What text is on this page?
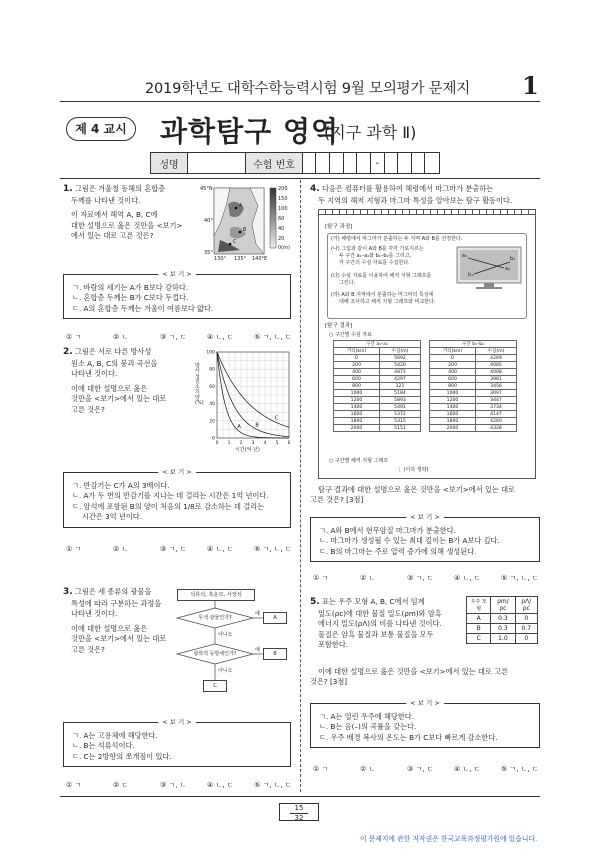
2019학년도 대학수학능력시험 9월 모의평가 문제지 1
제 4 교시	과학탐구 영역
(지구 과학 Ⅱ)
성명	수험 번호	-
1. 그림은 겨울철 동해의 혼합층
두께를 나타낸 것이다.
이 자료에서 해역 A, B, C에
대한 설명으로 옳은 것만을 <보기>
에서 있는 대로 고른 것은?
45°N
40°
35°
130° 135° 140°E
A
B
C
200
150
100
60
40
20
0(m)
< 보 기 >
ㄱ. 바람의 세기는 A가 B보다 강하다.
ㄴ. 혼합층 두께는 B가 C보다 두껍다.
ㄷ. A의 혼합층 두께는 겨울이 여름보다 얇다.
① ㄱ	② ㄴ	③ ㄱ, ㄷ	④ ㄴ, ㄷ	⑤ ㄱ, ㄴ, ㄷ
2. 그림은 서로 다른 방사성
원소 A, B, C의 붕괴 곡선을
나타낸 것이다.
이에 대한 설명으로 옳은
것만을 <보기>에서 있는 대로
고른 것은?
방사성 원소의 양 (%)
0
20
40
60
80
100
0 1 2 3 4 5 6
A	B
C
시간(억 년)
< 보 기 >
ㄱ. 반감기는 C가 A의 3배이다.
ㄴ. A가 두 번의 반감기를 지나는 데 걸리는 시간은 1억 년이다.
ㄷ. 암석에 포함된 B의 양이 처음의 1/8로 감소하는 데 걸리는
시간은 3억 년이다.
① ㄱ	② ㄴ	③ ㄱ, ㄷ	④ ㄴ, ㄷ	⑤ ㄱ, ㄴ, ㄷ
3. 그림은 세 종류의 광물을
특성에 따라 구분하는 과정을
나타낸 것이다.
이에 대한 설명으로 옳은
것만을 <보기>에서 있는 대로
고른 것은?
석류석, 흑운모, 사장석
무색 광물인가?
광학적 등방체인가?
예
예
아니오
아니오
A
B
C
< 보 기 >
ㄱ. A는 고용체에 해당한다.
ㄴ. B는 석류석이다.
ㄷ. C는 2방향의 쪼개짐이 있다.
① ㄱ	② ㄷ	③ ㄱ, ㄴ	④ ㄴ, ㄷ	⑤ ㄱ, ㄴ, ㄷ
4. 다음은 컴퓨터를 활용하여 해령에서 마그마가 분출하는
두 지역의 해저 지형과 마그마 특성을 알아보는 탐구 활동이다.
[탐구 과정]
(가) 해령에서 마그마가 분출하는 두 지역 A와 B를 선정한다.
(나) 그림과 같이 A와 B를 각각 가로지르는
두 구간 a₁–a₂와 b₁–b₂를 그리고,
각 구간의 수심 자료를 수집한다.
(다) 수심 자료를 이용하여 해저 지형 그래프를
그린다.
(라) A와 B 지역에서 분출하는 마그마의 특성에
대해 조사하고 해저 지형 그래프와 비교한다.
a₁
a₂
b₁
b₂
[탐구 결과]
○ 구간별 수심 자료
구간 a₁–a₂	
거리(km)	수심(m)
0	5692
200	5420
400	4871
600	4297
800	121
1000	5184
1200	5893
1400	5491
1600	5372
1800	5315
2000	5151
구간 b₁–b₂	
거리(km)	수심(m)
0	4269
200	4085
400	4008
600	3981
800	3456
1000	3097
1200	3447
1400	3734
1600	4147
1800	4260
2000	4328
○ 구간별 해저 지형 그래프
⋮ (이하 생략)
탐구 결과에 대한 설명으로 옳은 것만을 <보기>에서 있는 대로
고른 것은? [3점]
< 보 기 >
ㄱ. A와 B에서 현무암질 마그마가 분출한다.
ㄴ. 마그마가 생성될 수 있는 최대 깊이는 B가 A보다 깊다.
ㄷ. B의 마그마는 주로 압력 증가에 의해 생성된다.
① ㄱ	② ㄴ	③ ㄱ, ㄷ	④ ㄴ, ㄷ	⑤ ㄱ, ㄴ, ㄷ
5. 표는 우주 모형 A, B, C에서 임계
밀도(ρc)에 대한 물질 밀도(ρm)와 암흑
에너지 밀도(ρΛ)의 비를 나타낸 것이다.
물질은 암흑 물질과 보통 물질을 모두
포함한다.
우주 모형	ρm/ρc	ρΛ/ρc
A	0.3	0
B	0.3	0.7
C	1.0	0
이에 대한 설명으로 옳은 것만을 <보기>에서 있는 대로 고른
것은? [3점]
< 보 기 >
ㄱ. A는 열린 우주에 해당한다.
ㄴ. B는 음(–)의 곡률을 갖는다.
ㄷ. 우주 배경 복사의 온도는 B가 C보다 빠르게 감소한다.
① ㄱ	② ㄴ	③ ㄱ, ㄷ	④ ㄴ, ㄷ	⑤ ㄱ, ㄴ, ㄷ
15
32
이 문제지에 관한 저작권은 한국교육과정평가원에 있습니다.
